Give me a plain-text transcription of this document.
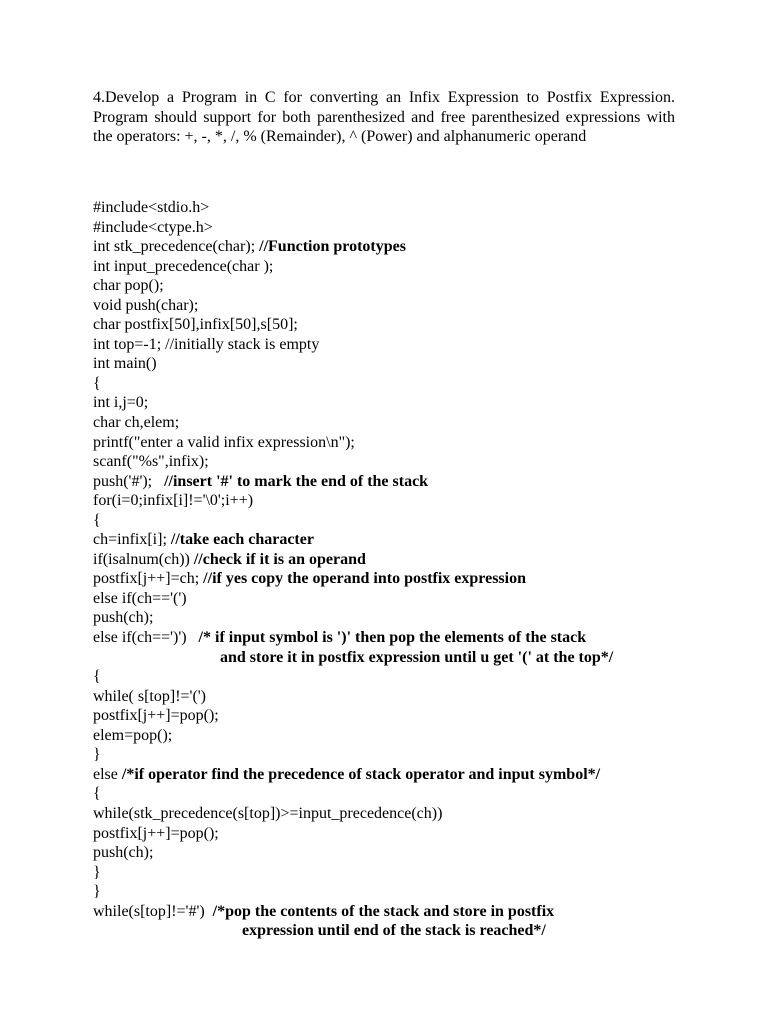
4.Develop a Program in C for converting an Infix Expression to Postfix Expression. Program should support for both parenthesized and free parenthesized expressions with the operators: +, -, *, /, % (Remainder), ^ (Power) and alphanumeric operand

#include<stdio.h>
#include<ctype.h>
int stk_precedence(char); //Function prototypes
int input_precedence(char );
char pop();
void push(char);
char postfix[50],infix[50],s[50];
int top=-1; //initially stack is empty
int main()
{
int i,j=0;
char ch,elem;
printf("enter a valid infix expression\n");
scanf("%s",infix);
push('#');   //insert '#' to mark the end of the stack
for(i=0;infix[i]!='\0';i++)
{
ch=infix[i]; //take each character
if(isalnum(ch)) //check if it is an operand
postfix[j++]=ch; //if yes copy the operand into postfix expression
else if(ch=='(')
push(ch);
else if(ch==')')   /* if input symbol is ')' then pop the elements of the stack
and store it in postfix expression until u get '(' at the top*/
{
while( s[top]!='(')
postfix[j++]=pop();
elem=pop();
}
else /*if operator find the precedence of stack operator and input symbol*/
{
while(stk_precedence(s[top])>=input_precedence(ch))
postfix[j++]=pop();
push(ch);
}
}
while(s[top]!='#')  /*pop the contents of the stack and store in postfix
expression until end of the stack is reached*/
